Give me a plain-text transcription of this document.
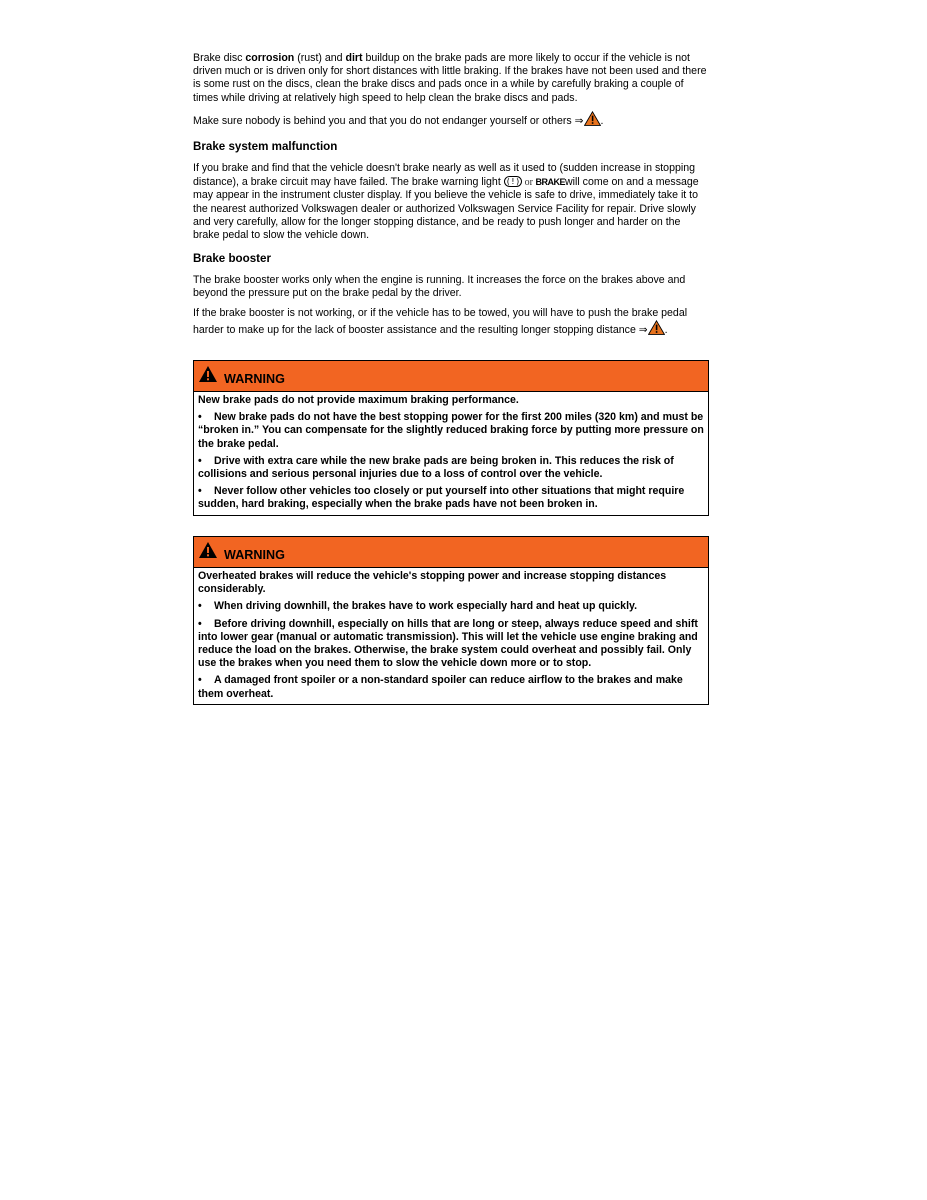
Brake disc corrosion (rust) and dirt buildup on the brake pads are more likely to occur if the vehicle is not driven much or is driven only for short distances with little braking. If the brakes have not been used and there is some rust on the discs, clean the brake discs and pads once in a while by carefully braking a couple of times while driving at relatively high speed to help clean the brake discs and pads.

Make sure nobody is behind you and that you do not endanger yourself or others ⇒ .

Brake system malfunction

If you brake and find that the vehicle doesn't brake nearly as well as it used to (sudden increase in stopping distance), a brake circuit may have failed. The brake warning light (!) or BRAKEwill come on and a message may appear in the instrument cluster display. If you believe the vehicle is safe to drive, immediately take it to the nearest authorized Volkswagen dealer or authorized Volkswagen Service Facility for repair. Drive slowly and very carefully, allow for the longer stopping distance, and be ready to push longer and harder on the brake pedal to slow the vehicle down.

Brake booster

The brake booster works only when the engine is running. It increases the force on the brakes above and beyond the pressure put on the brake pedal by the driver.

If the brake booster is not working, or if the vehicle has to be towed, you will have to push the brake pedal harder to make up for the lack of booster assistance and the resulting longer stopping distance ⇒ .

WARNING

New brake pads do not provide maximum braking performance.

• New brake pads do not have the best stopping power for the first 200 miles (320 km) and must be “broken in.” You can compensate for the slightly reduced braking force by putting more pressure on the brake pedal.

• Drive with extra care while the new brake pads are being broken in. This reduces the risk of collisions and serious personal injuries due to a loss of control over the vehicle.

• Never follow other vehicles too closely or put yourself into other situations that might require sudden, hard braking, especially when the brake pads have not been broken in.

WARNING

Overheated brakes will reduce the vehicle's stopping power and increase stopping distances considerably.

• When driving downhill, the brakes have to work especially hard and heat up quickly.

• Before driving downhill, especially on hills that are long or steep, always reduce speed and shift into lower gear (manual or automatic transmission). This will let the vehicle use engine braking and reduce the load on the brakes. Otherwise, the brake system could overheat and possibly fail. Only use the brakes when you need them to slow the vehicle down more or to stop.

• A damaged front spoiler or a non-standard spoiler can reduce airflow to the brakes and make them overheat.
